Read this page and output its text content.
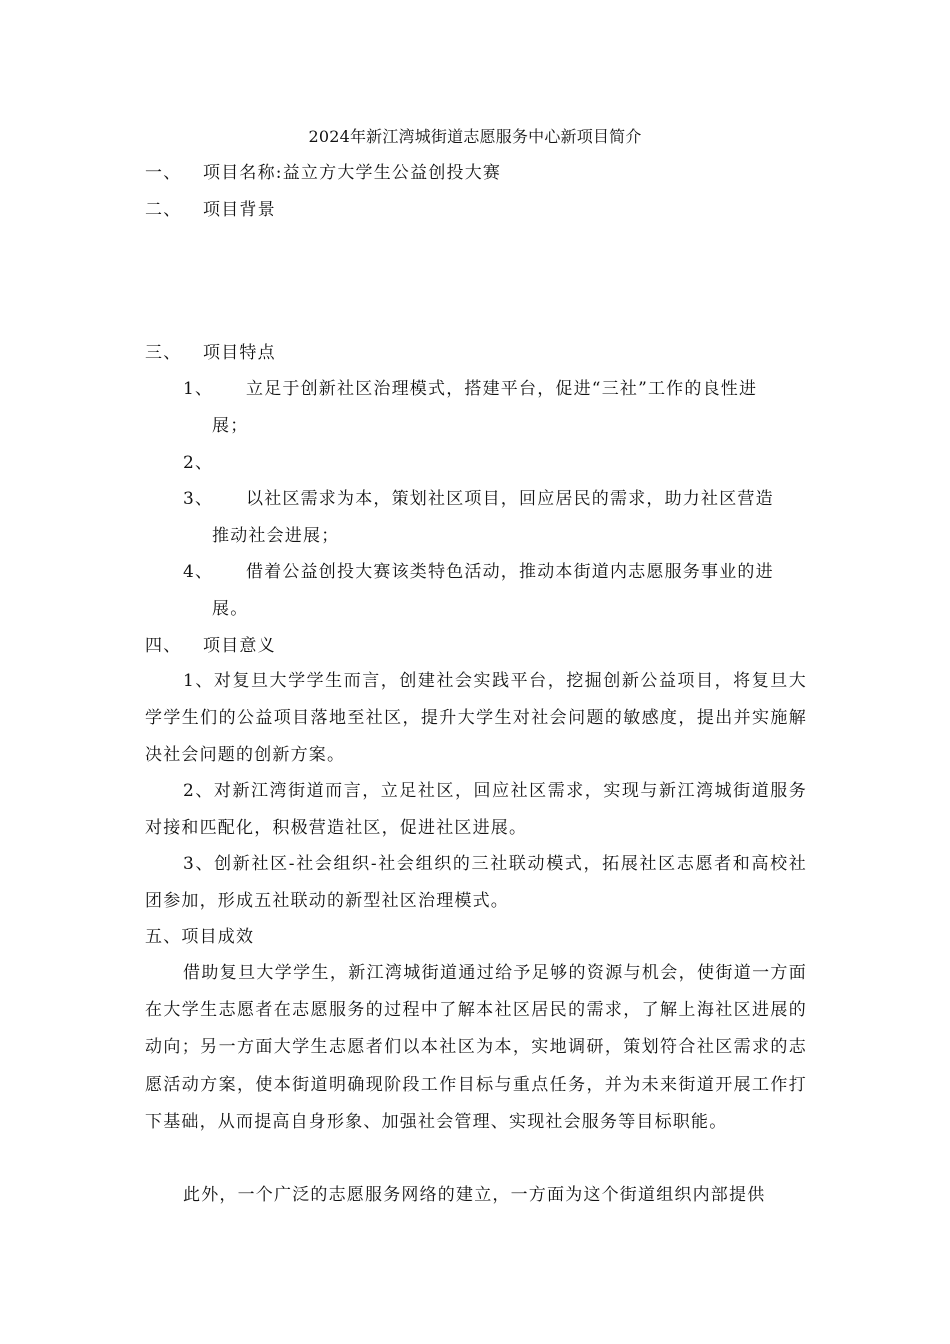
2024年新江湾城街道志愿服务中心新项目简介
一、 项目名称:益立方大学生公益创投大赛
二、 项目背景
三、 项目特点
1、 立足于创新社区治理模式，搭建平台，促进“三社”工作的良性进
展；
2、
3、 以社区需求为本，策划社区项目，回应居民的需求，助力社区营造
推动社会进展；
4、 借着公益创投大赛该类特色活动，推动本街道内志愿服务事业的进
展。
四、 项目意义
1、对复旦大学学生而言，创建社会实践平台，挖掘创新公益项目，将复旦大学学生们的公益项目落地至社区，提升大学生对社会问题的敏感度，提出并实施解决社会问题的创新方案。
2、对新江湾街道而言，立足社区，回应社区需求，实现与新江湾城街道服务对接和匹配化，积极营造社区，促进社区进展。
3、创新社区-社会组织-社会组织的三社联动模式，拓展社区志愿者和高校社团参加，形成五社联动的新型社区治理模式。
五、项目成效
借助复旦大学学生，新江湾城街道通过给予足够的资源与机会，使街道一方面在大学生志愿者在志愿服务的过程中了解本社区居民的需求，了解上海社区进展的动向；另一方面大学生志愿者们以本社区为本，实地调研，策划符合社区需求的志愿活动方案，使本街道明确现阶段工作目标与重点任务，并为未来街道开展工作打下基础，从而提高自身形象、加强社会管理、实现社会服务等目标职能。
此外，一个广泛的志愿服务网络的建立，一方面为这个街道组织内部提供
